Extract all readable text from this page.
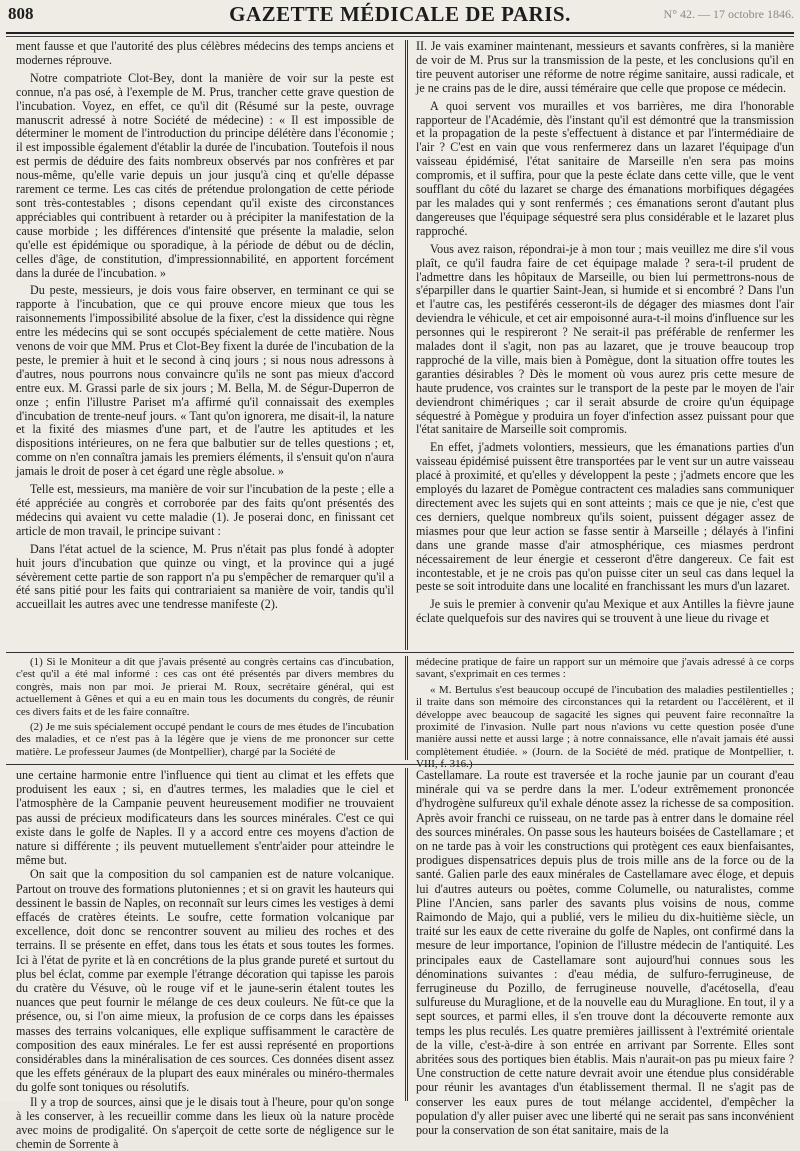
808	GAZETTE MÉDICALE DE PARIS.	N° 42. — 17 octobre 1846.

ment fausse et que l'autorité des plus célèbres médecins des temps anciens et modernes réprouve.

Notre compatriote Clot-Bey, dont la manière de voir sur la peste est connue, n'a pas osé, à l'exemple de M. Prus, trancher cette grave question de l'incubation. Voyez, en effet, ce qu'il dit (Résumé sur la peste, ouvrage manuscrit adressé à notre Société de médecine) : « Il est impossible de déterminer le moment de l'introduction du principe délétère dans l'économie ; il est impossible également d'établir la durée de l'incubation. Toutefois il nous est permis de déduire des faits nombreux observés par nos confrères et par nous-même, qu'elle varie depuis un jour jusqu'à cinq et qu'elle dépasse rarement ce terme. Les cas cités de prétendue prolongation de cette période sont très-contestables ; disons cependant qu'il existe des circonstances appréciables qui contribuent à retarder ou à précipiter la manifestation de la cause morbide ; les différences d'intensité que présente la maladie, selon qu'elle est épidémique ou sporadique, à la période de début ou de déclin, celles d'âge, de constitution, d'impressionnabilité, en apportent forcément dans la durée de l'incubation. »

Du peste, messieurs, je dois vous faire observer, en terminant ce qui se rapporte à l'incubation, que ce qui prouve encore mieux que tous les raisonnements l'impossibilité absolue de la fixer, c'est la dissidence qui règne entre les médecins qui se sont occupés spécialement de cette matière. Nous venons de voir que MM. Prus et Clot-Bey fixent la durée de l'incubation de la peste, le premier à huit et le second à cinq jours ; si nous nous adressons à d'autres, nous pourrons nous convaincre qu'ils ne sont pas mieux d'accord entre eux. M. Grassi parle de six jours ; M. Bella, M. de Ségur-Duperron de onze ; enfin l'illustre Pariset m'a affirmé qu'il connaissait des exemples d'incubation de trente-neuf jours. « Tant qu'on ignorera, me disait-il, la nature et la fixité des miasmes d'une part, et de l'autre les aptitudes et les dispositions intérieures, on ne fera que balbutier sur de telles questions ; et, comme on n'en connaîtra jamais les premiers éléments, il s'ensuit qu'on n'aura jamais le droit de poser à cet égard une règle absolue. »

Telle est, messieurs, ma manière de voir sur l'incubation de la peste ; elle a été appréciée au congrès et corroborée par des faits qu'ont présentés des médecins qui avaient vu cette maladie (1). Je poserai donc, en finissant cet article de mon travail, le principe suivant :

Dans l'état actuel de la science, M. Prus n'était pas plus fondé à adopter huit jours d'incubation que quinze ou vingt, et la province qui a jugé sévèrement cette partie de son rapport n'a pu s'empêcher de remarquer qu'il a été sans pitié pour les faits qui contrariaient sa manière de voir, tandis qu'il accueillait les autres avec une tendresse manifeste (2).

II. Je vais examiner maintenant, messieurs et savants confrères, si la manière de voir de M. Prus sur la transmission de la peste, et les conclusions qu'il en tire peuvent autoriser une réforme de notre régime sanitaire, aussi radicale, et je ne crains pas de le dire, aussi téméraire que celle que propose ce médecin.

A quoi servent vos murailles et vos barrières, me dira l'honorable rapporteur de l'Académie, dès l'instant qu'il est démontré que la transmission et la propagation de la peste s'effectuent à distance et par l'intermédiaire de l'air ? C'est en vain que vous renfermerez dans un lazaret l'équipage d'un vaisseau épidémisé, l'état sanitaire de Marseille n'en sera pas moins compromis, et il suffira, pour que la peste éclate dans cette ville, que le vent soufflant du côté du lazaret se charge des émanations morbifiques dégagées par les malades qui y sont renfermés ; ces émanations seront d'autant plus dangereuses que l'équipage séquestré sera plus considérable et le lazaret plus rapproché.

Vous avez raison, répondrai-je à mon tour ; mais veuillez me dire s'il vous plaît, ce qu'il faudra faire de cet équipage malade ? sera-t-il prudent de l'admettre dans les hôpitaux de Marseille, ou bien lui permettrons-nous de s'éparpiller dans le quartier Saint-Jean, si humide et si encombré ? Dans l'un et l'autre cas, les pestiférés cesseront-ils de dégager des miasmes dont l'air deviendra le véhicule, et cet air empoisonné aura-t-il moins d'influence sur les personnes qui le respireront ? Ne serait-il pas préférable de renfermer les malades dont il s'agit, non pas au lazaret, que je trouve beaucoup trop rapproché de la ville, mais bien à Pomègue, dont la situation offre toutes les garanties désirables ? Dès le moment où vous aurez pris cette mesure de haute prudence, vos craintes sur le transport de la peste par le moyen de l'air deviendront chimériques ; car il serait absurde de croire qu'un équipage séquestré à Pomègue y produira un foyer d'infection assez puissant pour que l'état sanitaire de Marseille soit compromis.

En effet, j'admets volontiers, messieurs, que les émanations parties d'un vaisseau épidémisé puissent être transportées par le vent sur un autre vaisseau placé à proximité, et qu'elles y développent la peste ; j'admets encore que les employés du lazaret de Pomègue contractent ces maladies sans communiquer directement avec les sujets qui en sont atteints ; mais ce que je nie, c'est que ces derniers, quelque nombreux qu'ils soient, puissent dégager assez de miasmes pour que leur action se fasse sentir à Marseille ; délayés à l'infini dans une grande masse d'air atmosphérique, ces miasmes perdront nécessairement de leur énergie et cesseront d'être dangereux. Ce fait est incontestable, et je ne crois pas qu'on puisse citer un seul cas dans lequel la peste se soit introduite dans une localité en franchissant les murs d'un lazaret.

Je suis le premier à convenir qu'au Mexique et aux Antilles la fièvre jaune éclate quelquefois sur des navires qui se trouvent à une lieue du rivage et

(1) Si le Moniteur a dit que j'avais présenté au congrès certains cas d'incubation, c'est qu'il a été mal informé : ces cas ont été présentés par divers membres du congrès, mais non par moi. Je prierai M. Roux, secrétaire général, qui est actuellement à Gênes et qui a eu en main tous les documents du congrès, de réunir ces divers faits et de les faire connaître.

(2) Je me suis spécialement occupé pendant le cours de mes études de l'incubation des maladies, et ce n'est pas à la légère que je viens de me prononcer sur cette matière. Le professeur Jaumes (de Montpellier), chargé par la Société de

médecine pratique de faire un rapport sur un mémoire que j'avais adressé à ce corps savant, s'exprimait en ces termes :

« M. Bertulus s'est beaucoup occupé de l'incubation des maladies pestilentielles ; il traite dans son mémoire des circonstances qui la retardent ou l'accélèrent, et il développe avec beaucoup de sagacité les signes qui peuvent faire reconnaître la proximité de l'invasion. Nulle part nous n'avions vu cette question posée d'une manière aussi nette et aussi large ; à notre connaissance, elle n'avait jamais été aussi complètement étudiée. » (Journ. de la Société de méd. pratique de Montpellier, t. VIII, f. 316.)

une certaine harmonie entre l'influence qui tient au climat et les effets que produisent les eaux ; si, en d'autres termes, les maladies que le ciel et l'atmosphère de la Campanie peuvent heureusement modifier ne trouvaient pas aussi de précieux modificateurs dans les sources minérales. C'est ce qui existe dans le golfe de Naples. Il y a accord entre ces moyens d'action de nature si différente ; ils peuvent mutuellement s'entr'aider pour atteindre le même but.

On sait que la composition du sol campanien est de nature volcanique. Partout on trouve des formations plutoniennes ; et si on gravit les hauteurs qui dessinent le bassin de Naples, on reconnaît sur leurs cimes les vestiges à demi effacés de cratères éteints. Le soufre, cette formation volcanique par excellence, doit donc se rencontrer souvent au milieu des roches et des terrains. Il se présente en effet, dans tous les états et sous toutes les formes. Ici à l'état de pyrite et là en concrétions de la plus grande pureté et surtout du plus bel éclat, comme par exemple l'étrange décoration qui tapisse les parois du cratère du Vésuve, où le rouge vif et le jaune-serin étalent toutes les nuances que peut fournir le mélange de ces deux couleurs. Ne fût-ce que la présence, ou, si l'on aime mieux, la profusion de ce corps dans les épaisses masses des terrains volcaniques, elle explique suffisamment le caractère de composition des eaux minérales. Le fer est aussi représenté en proportions considérables dans la minéralisation de ces sources. Ces données disent assez que les effets généraux de la plupart des eaux minérales ou minéro-thermales du golfe sont toniques ou résolutifs.

Il y a trop de sources, ainsi que je le disais tout à l'heure, pour qu'on songe à les conserver, à les recueillir comme dans les lieux où la nature procède avec moins de prodigalité. On s'aperçoit de cette sorte de négligence sur le chemin de Sorrente à

Castellamare. La route est traversée et la roche jaunie par un courant d'eau minérale qui va se perdre dans la mer. L'odeur extrêmement prononcée d'hydrogène sulfureux qu'il exhale dénote assez la richesse de sa composition. Après avoir franchi ce ruisseau, on ne tarde pas à entrer dans le domaine réel des sources minérales. On passe sous les hauteurs boisées de Castellamare ; et on ne tarde pas à voir les constructions qui protègent ces eaux bienfaisantes, prodigues dispensatrices depuis plus de trois mille ans de la force ou de la santé. Galien parle des eaux minérales de Castellamare avec éloge, et depuis lui d'autres auteurs ou poètes, comme Columelle, ou naturalistes, comme Pline l'Ancien, sans parler des savants plus voisins de nous, comme Raimondo de Majo, qui a publié, vers le milieu du dix-huitième siècle, un traité sur les eaux de cette riveraine du golfe de Naples, ont confirmé dans la mesure de leur importance, l'opinion de l'illustre médecin de l'antiquité. Les principales eaux de Castellamare sont aujourd'hui connues sous les dénominations suivantes : d'eau médiа, de sulfuro-ferrugineuse, de ferrugineuse du Pozillo, de ferrugineuse nouvelle, d'acétosella, d'eau sulfureuse du Muraglione, et de la nouvelle eau du Muraglione. En tout, il y a sept sources, et parmi elles, il s'en trouve dont la découverte remonte aux temps les plus reculés. Les quatre premières jaillissent à l'extrémité orientale de la ville, c'est-à-dire à son entrée en arrivant par Sorrente. Elles sont abritées sous des portiques bien établis. Mais n'aurait-on pas pu mieux faire ? Une construction de cette nature devrait avoir une étendue plus considérable pour réunir les avantages d'un établissement thermal. Il ne s'agit pas de conserver les eaux pures de tout mélange accidentel, d'empêcher la population d'y aller puiser avec une liberté qui ne serait pas sans inconvénient pour la conservation de son état sanitaire, mais de la
